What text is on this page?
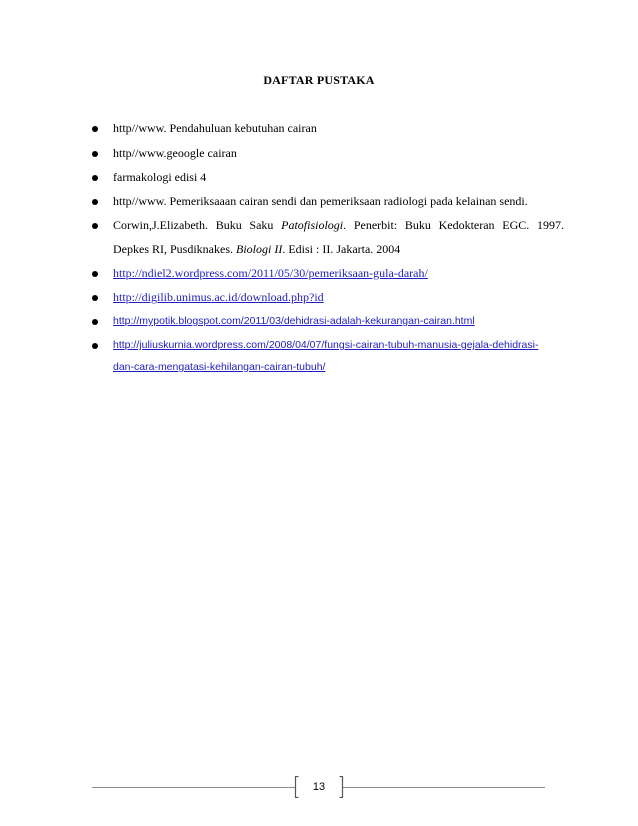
DAFTAR PUSTAKA
http//www. Pendahuluan kebutuhan cairan
http//www.geoogle cairan
farmakologi edisi 4
http//www. Pemeriksaaan cairan sendi dan pemeriksaan radiologi pada kelainan sendi.
Corwin,J.Elizabeth. Buku Saku Patofisiologi. Penerbit: Buku Kedokteran EGC. 1997.
Depkes RI, Pusdiknakes. Biologi II. Edisi : II. Jakarta. 2004
http://ndiel2.wordpress.com/2011/05/30/pemeriksaan-gula-darah/
http://digilib.unimus.ac.id/download.php?id
http://mypotik.blogspot.com/2011/03/dehidrasi-adalah-kekurangan-cairan.html
http://juliuskurnia.wordpress.com/2008/04/07/fungsi-cairan-tubuh-manusia-gejala-dehidrasi-
dan-cara-mengatasi-kehilangan-cairan-tubuh/
13
